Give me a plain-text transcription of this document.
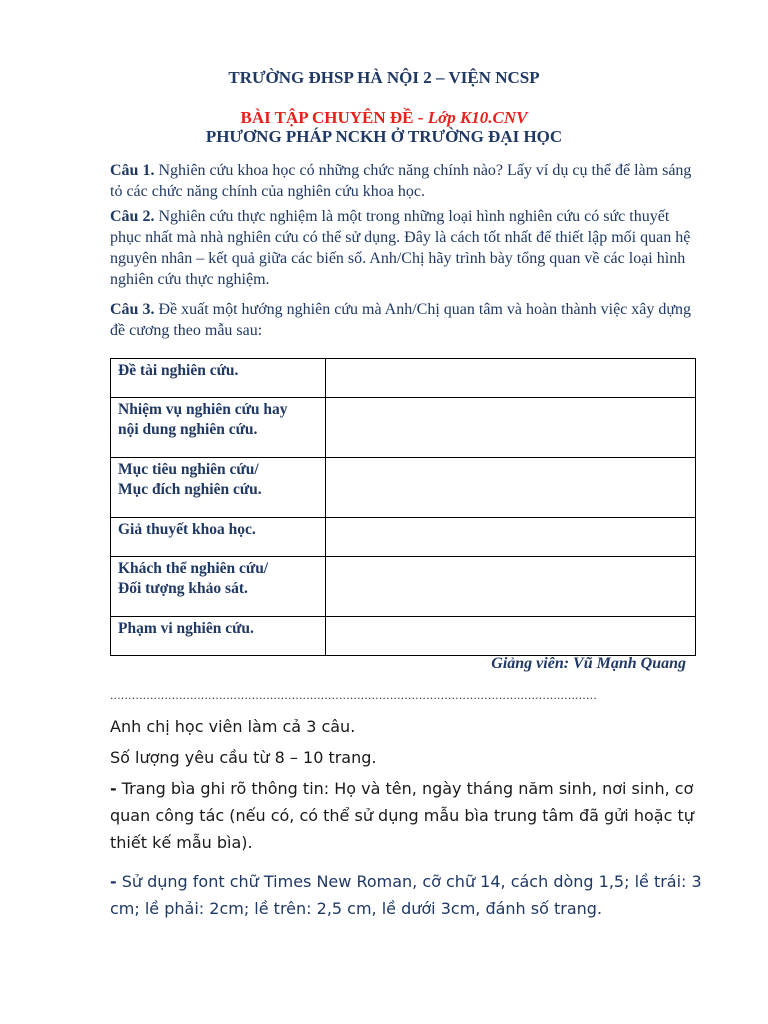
TRƯỜNG ĐHSP HÀ NỘI 2 – VIỆN NCSP
BÀI TẬP CHUYÊN ĐỀ - Lớp K10.CNV
PHƯƠNG PHÁP NCKH Ở TRƯỜNG ĐẠI HỌC
Câu 1. Nghiên cứu khoa học có những chức năng chính nào? Lấy ví dụ cụ thể để làm sáng tỏ các chức năng chính của nghiên cứu khoa học.
Câu 2. Nghiên cứu thực nghiệm là một trong những loại hình nghiên cứu có sức thuyết phục nhất mà nhà nghiên cứu có thể sử dụng. Đây là cách tốt nhất để thiết lập mối quan hệ nguyên nhân – kết quả giữa các biến số. Anh/Chị hãy trình bày tổng quan về các loại hình nghiên cứu thực nghiệm.
Câu 3. Đề xuất một hướng nghiên cứu mà Anh/Chị quan tâm và hoàn thành việc xây dựng đề cương theo mẫu sau:
Đề tài nghiên cứu.	
Nhiệm vụ nghiên cứu hay
nội dung nghiên cứu.	
Mục tiêu nghiên cứu/
Mục đích nghiên cứu.	
Giả thuyết khoa học.	
Khách thể nghiên cứu/
Đối tượng khảo sát.	
Phạm vi nghiên cứu.	
Giảng viên: Vũ Mạnh Quang
......................................................................................................................................
Anh chị học viên làm cả 3 câu.
Số lượng yêu cầu từ 8 – 10 trang.
- Trang bìa ghi rõ thông tin: Họ và tên, ngày tháng năm sinh, nơi sinh, cơ quan công tác (nếu có, có thể sử dụng mẫu bìa trung tâm đã gửi hoặc tự thiết kế mẫu bìa).
- Sử dụng font chữ Times New Roman, cỡ chữ 14, cách dòng 1,5; lề trái: 3 cm; lề phải: 2cm; lề trên: 2,5 cm, lề dưới 3cm, đánh số trang.
